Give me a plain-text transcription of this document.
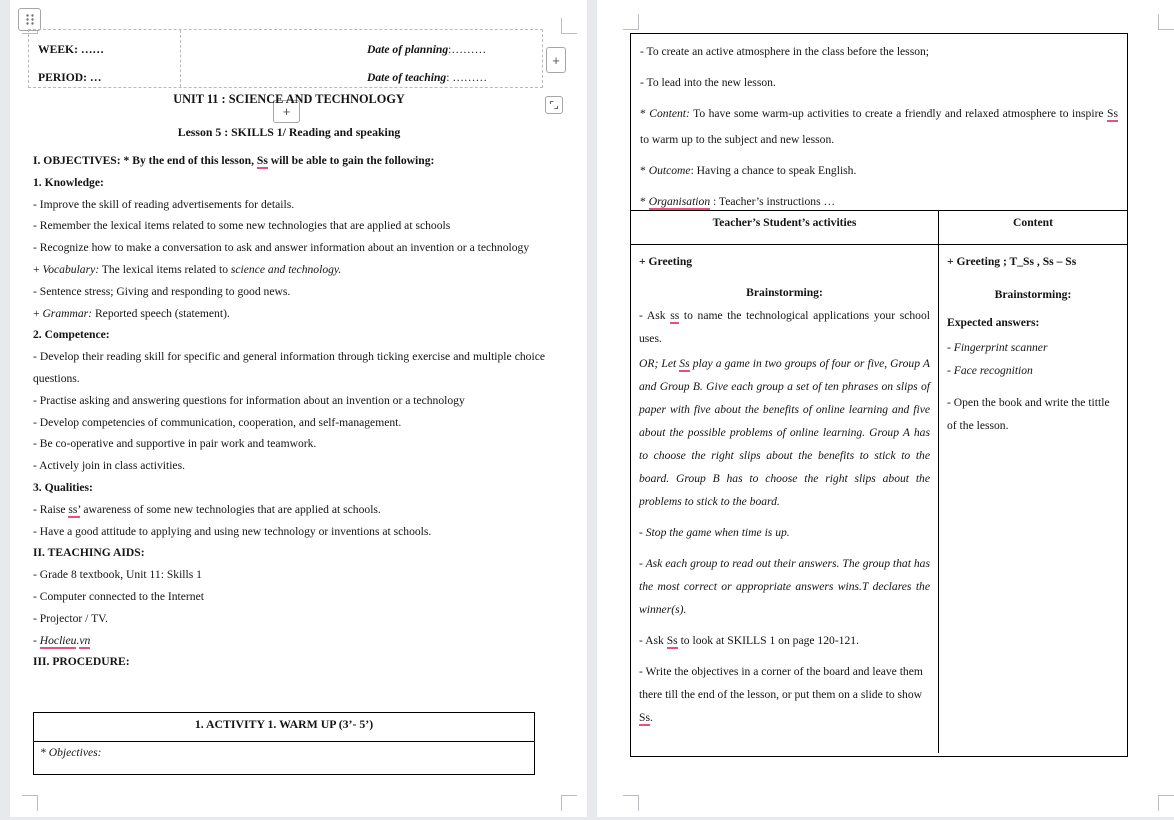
+
+
WEEK: ……
PERIOD: …
Date of planning:………
Date of teaching: ………
UNIT 11 : SCIENCE AND TECHNOLOGY
Lesson 5 : SKILLS 1/ Reading and speaking

I. OBJECTIVES: * By the end of this lesson, Ss will be able to gain the following:

1. Knowledge:

- Improve the skill of reading advertisements for details.

- Remember the lexical items related to some new technologies that are applied at schools

- Recognize how to make a conversation to ask and answer information about an invention or a technology

+ Vocabulary: The lexical items related to science and technology.

- Sentence stress; Giving and responding to good news.

+ Grammar: Reported speech (statement).

2. Competence:

- Develop their reading skill for specific and general information through ticking exercise and multiple choice questions.

- Practise asking and answering questions for information about an invention or a technology

- Develop competencies of communication, cooperation, and self-management.

- Be co-operative and supportive in pair work and teamwork.

- Actively join in class activities.

3. Qualities:

- Raise ss’ awareness of some new technologies that are applied at schools.

- Have a good attitude to applying and using new technology or inventions at schools.

II. TEACHING AIDS:

- Grade 8 textbook, Unit 11: Skills 1

- Computer connected to the Internet

- Projector / TV.

- Hoclieu.vn

III. PROCEDURE:

1. ACTIVITY 1. WARM UP (3’- 5’)
* Objectives:

- To create an active atmosphere in the class before the lesson;

- To lead into the new lesson.

* Content: To have some warm-up activities to create a friendly and relaxed atmosphere to inspire Ss to warm up to the subject and new lesson.

* Outcome: Having a chance to speak English.

* Organisation : Teacher’s instructions …

Teacher’s Student’s activities	Content

+ Greeting

Brainstorming:

- Ask ss to name the technological applications your school uses.

OR; Let Ss play a game in two groups of four or five, Group A and Group B. Give each group a set of ten phrases on slips of paper with five about the benefits of online learning and five about the possible problems of online learning. Group A has to choose the right slips about the benefits to stick to the board. Group B has to choose the right slips about the problems to stick to the board.

- Stop the game when time is up.

- Ask each group to read out their answers. The group that has the most correct or appropriate answers wins.T declares the winner(s).

- Ask Ss to look at SKILLS 1 on page 120-121.

- Write the objectives in a corner of the board and leave them there till the end of the lesson, or put them on a slide to show Ss.

+ Greeting ; T_Ss , Ss – Ss

Brainstorming:

Expected answers:

- Fingerprint scanner

- Face recognition

- Open the book and write the tittle of the lesson.
